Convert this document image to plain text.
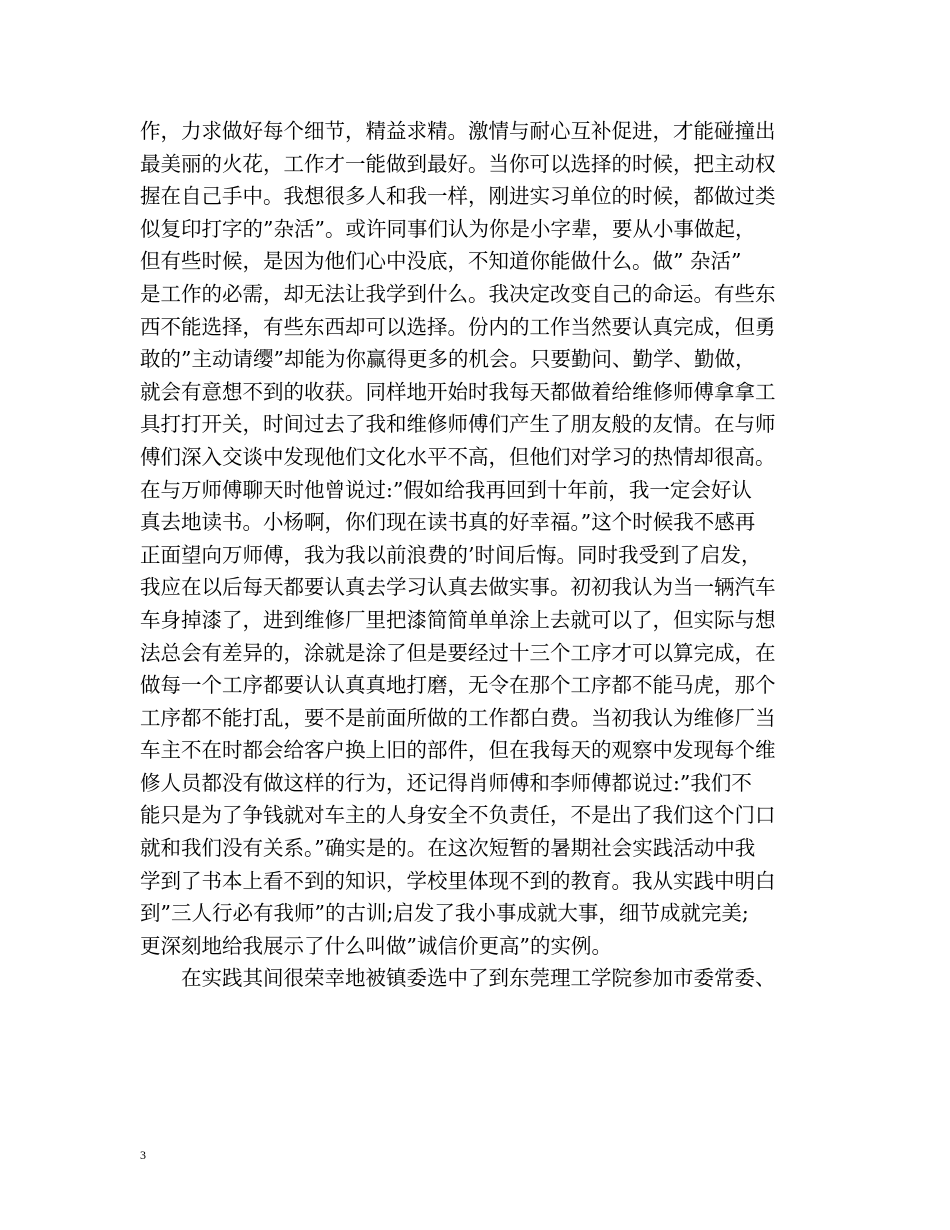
作，力求做好每个细节，精益求精。激情与耐心互补促进，才能碰撞出
最美丽的火花，工作才一能做到最好。当你可以选择的时候，把主动权
握在自己手中。我想很多人和我一样，刚进实习单位的时候，都做过类
似复印打字的”杂活”。或许同事们认为你是小字辈，要从小事做起，
但有些时候，是因为他们心中没底，不知道你能做什么。做” 杂活”
是工作的必需，却无法让我学到什么。我决定改变自己的命运。有些东
西不能选择，有些东西却可以选择。份内的工作当然要认真完成，但勇
敢的”主动请缨”却能为你赢得更多的机会。只要勤问、勤学、勤做，
就会有意想不到的收获。同样地开始时我每天都做着给维修师傅拿拿工
具打打开关，时间过去了我和维修师傅们产生了朋友般的友情。在与师
傅们深入交谈中发现他们文化水平不高，但他们对学习的热情却很高。
在与万师傅聊天时他曾说过:”假如给我再回到十年前，我一定会好认
真去地读书。小杨啊，你们现在读书真的好幸福。”这个时候我不感再
正面望向万师傅，我为我以前浪费的’时间后悔。同时我受到了启发，
我应在以后每天都要认真去学习认真去做实事。初初我认为当一辆汽车
车身掉漆了，进到维修厂里把漆简简单单涂上去就可以了，但实际与想
法总会有差异的，涂就是涂了但是要经过十三个工序才可以算完成，在
做每一个工序都要认认真真地打磨，无令在那个工序都不能马虎，那个
工序都不能打乱，要不是前面所做的工作都白费。当初我认为维修厂当
车主不在时都会给客户换上旧的部件，但在我每天的观察中发现每个维
修人员都没有做这样的行为，还记得肖师傅和李师傅都说过:”我们不
能只是为了争钱就对车主的人身安全不负责任，不是出了我们这个门口
就和我们没有关系。”确实是的。在这次短暂的暑期社会实践活动中我
学到了书本上看不到的知识，学校里体现不到的教育。我从实践中明白
到”三人行必有我师”的古训;启发了我小事成就大事，细节成就完美;
更深刻地给我展示了什么叫做”诚信价更高”的实例。
在实践其间很荣幸地被镇委选中了到东莞理工学院参加市委常委、
3
